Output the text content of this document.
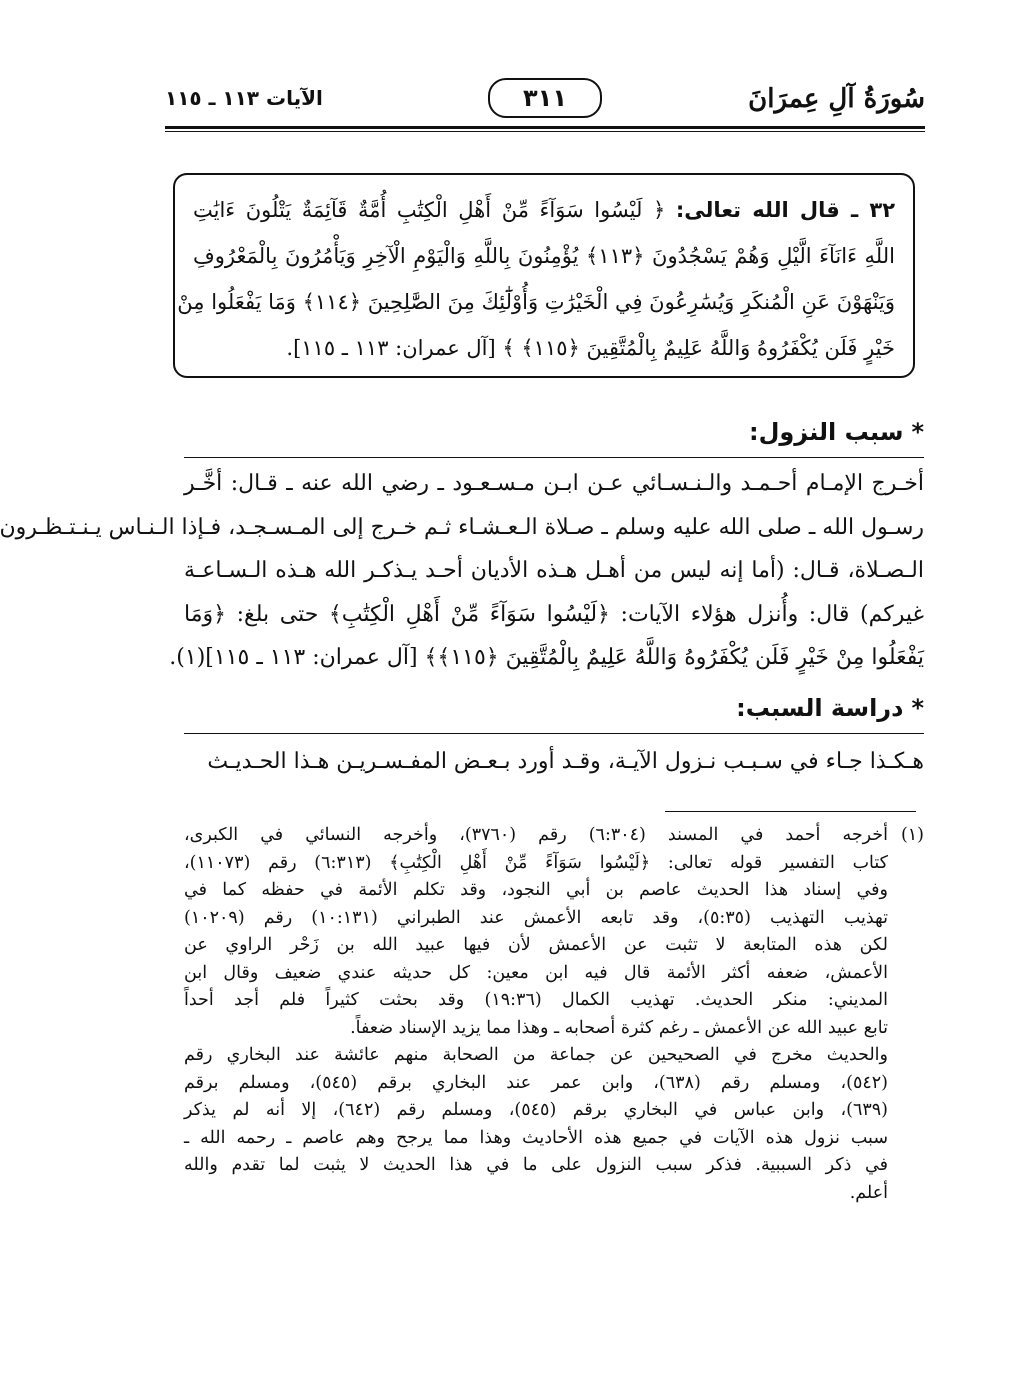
سُورَةُ آلِ عِمرَانَ
٣١١
الآيات ١١٣ ـ ١١٥
٣٢ ـ قال الله تعالى: ﴿ لَيْسُوا سَوَآءً مِّنْ أَهْلِ الْكِتَٰبِ أُمَّةٌ قَآئِمَةٌ يَتْلُونَ ءَايَٰتِ
اللَّهِ ءَانَآءَ الَّيْلِ وَهُمْ يَسْجُدُونَ ﴿١١٣﴾ يُؤْمِنُونَ بِاللَّهِ وَالْيَوْمِ الْآخِرِ وَيَأْمُرُونَ بِالْمَعْرُوفِ
وَيَنْهَوْنَ عَنِ الْمُنكَرِ وَيُسَٰرِعُونَ فِي الْخَيْرَٰتِ وَأُوْلَٰٓئِكَ مِنَ الصَّٰلِحِينَ ﴿١١٤﴾ وَمَا يَفْعَلُوا مِنْ
خَيْرٍ فَلَن يُكْفَرُوهُ وَاللَّهُ عَلِيمٌ بِالْمُتَّقِينَ ﴿١١٥﴾ ﴾ [آل عمران: ١١٣ ـ ١١٥].
*سبب النزول:
أخـرج الإمـام أحـمـد والـنـسـائي عـن ابـن مـسـعـود ـ رضي الله عنه ـ قـال: أخَّـر
رسـول الله ـ صلى الله عليه وسلم ـ صـلاة الـعـشـاء ثـم خـرج إلى المـسـجـد، فـإذا الـنـاس يـنـتـظـرون
الـصـلاة، قـال: (أما إنه ليس من أهـل هـذه الأديان أحـد يـذكـر الله هـذه الـسـاعـة
غيركم) قال: وأُنزل هؤلاء الآيات: ﴿لَيْسُوا سَوَآءً مِّنْ أَهْلِ الْكِتَٰبِ﴾ حتى بلغ: ﴿وَمَا
يَفْعَلُوا مِنْ خَيْرٍ فَلَن يُكْفَرُوهُ وَاللَّهُ عَلِيمٌ بِالْمُتَّقِينَ ﴿١١٥﴾﴾ [آل عمران: ١١٣ ـ ١١٥](١).
*دراسة السبب:
هـكـذا جـاء في سـبـب نـزول الآيـة، وقـد أورد بـعـض المفـسـريـن هـذا الحـديـث
(١)
أخرجه أحمد في المسند (٦:٣٠٤) رقم (٣٧٦٠)، وأخرجه النسائي في الكبرى،
كتاب التفسير قوله تعالى: ﴿لَيْسُوا سَوَآءً مِّنْ أَهْلِ الْكِتَٰبِ﴾ (٦:٣١٣) رقم (١١٠٧٣)،
وفي إسناد هذا الحديث عاصم بن أبي النجود، وقد تكلم الأئمة في حفظه كما في
تهذيب التهذيب (٥:٣٥)، وقد تابعه الأعمش عند الطبراني (١٠:١٣١) رقم (١٠٢٠٩)
لكن هذه المتابعة لا تثبت عن الأعمش لأن فيها عبيد الله بن زَحْر الراوي عن
الأعمش، ضعفه أكثر الأئمة قال فيه ابن معين: كل حديثه عندي ضعيف وقال ابن
المديني: منكر الحديث. تهذيب الكمال (١٩:٣٦) وقد بحثت كثيراً فلم أجد أحداً
تابع عبيد الله عن الأعمش ـ رغم كثرة أصحابه ـ وهذا مما يزيد الإسناد ضعفاً.
والحديث مخرج في الصحيحين عن جماعة من الصحابة منهم عائشة عند البخاري رقم
(٥٤٢)، ومسلم رقم (٦٣٨)، وابن عمر عند البخاري برقم (٥٤٥)، ومسلم برقم
(٦٣٩)، وابن عباس في البخاري برقم (٥٤٥)، ومسلم رقم (٦٤٢)، إلا أنه لم يذكر
سبب نزول هذه الآيات في جميع هذه الأحاديث وهذا مما يرجح وهم عاصم ـ رحمه الله ـ
في ذكر السببية. فذكر سبب النزول على ما في هذا الحديث لا يثبت لما تقدم والله
أعلم.
